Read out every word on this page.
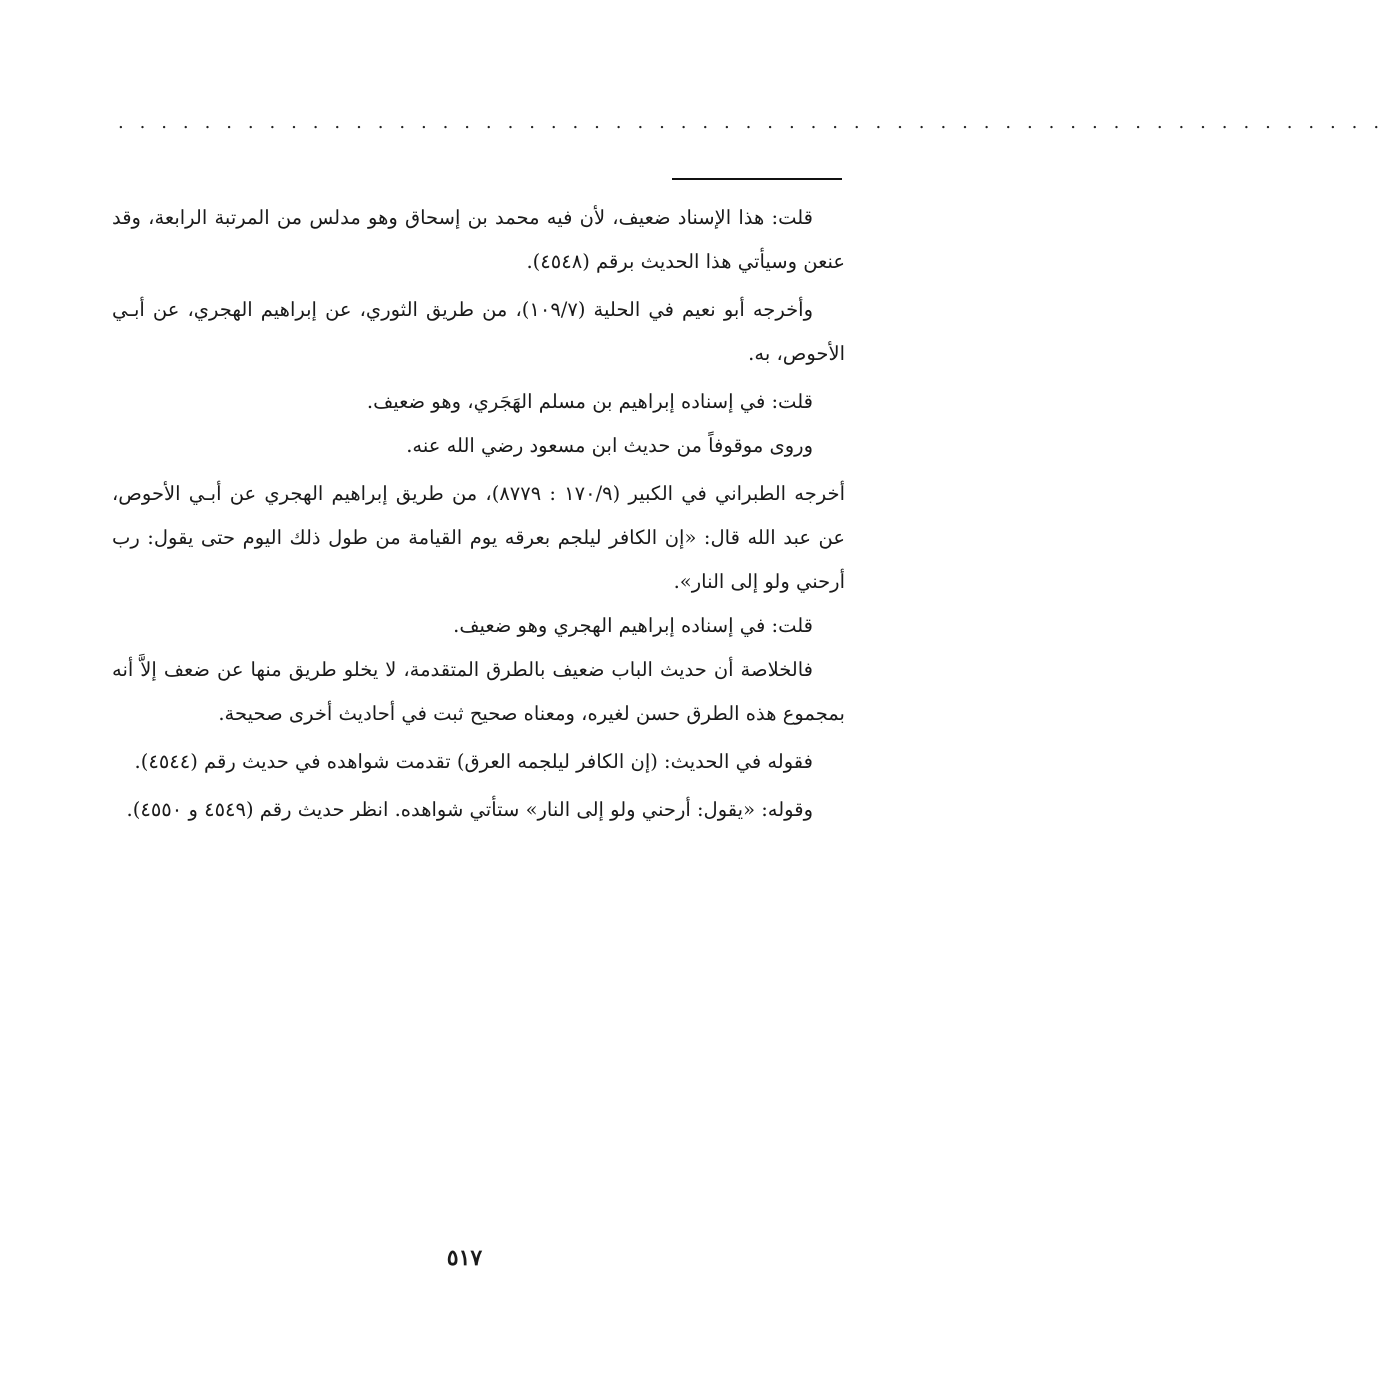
. . . . . . . . . . . . . . . . . . . . . . . . . . . . . . . . . . . . . . . . . . . . . . . . . . . . . . . . . . .

قلت: هذا الإسناد ضعيف، لأن فيه محمد بن إسحاق وهو مدلس من المرتبة الرابعة، وقد عنعن وسيأتي هذا الحديث برقم (٤٥٤٨).

وأخرجه أبو نعيم في الحلية (١٠٩/٧)، من طريق الثوري، عن إبراهيم الهجري، عن أبـي الأحوص، به.

قلت: في إسناده إبراهيم بن مسلم الهَجَري، وهو ضعيف.

وروى موقوفاً من حديث ابن مسعود رضي الله عنه.

أخرجه الطبراني في الكبير (١٧٠/٩ : ٨٧٧٩)، من طريق إبراهيم الهجري عن أبـي الأحوص، عن عبد الله قال: «إن الكافر ليلجم بعرقه يوم القيامة من طول ذلك اليوم حتى يقول: رب أرحني ولو إلى النار».

قلت: في إسناده إبراهيم الهجري وهو ضعيف.

فالخلاصة أن حديث الباب ضعيف بالطرق المتقدمة، لا يخلو طريق منها عن ضعف إلاَّ أنه بمجموع هذه الطرق حسن لغيره، ومعناه صحيح ثبت في أحاديث أخرى صحيحة.

فقوله في الحديث: (إن الكافر ليلجمه العرق) تقدمت شواهده في حديث رقم (٤٥٤٤).

وقوله: «يقول: أرحني ولو إلى النار» ستأتي شواهده. انظر حديث رقم (٤٥٤٩ و ٤٥٥٠).

٥١٧
